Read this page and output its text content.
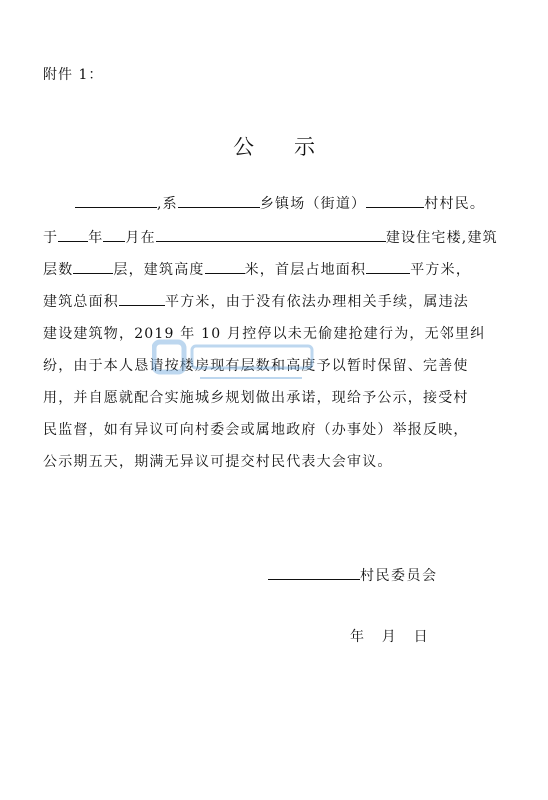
附件 1：
公      示
,系	乡镇场（街道）	村村民。
于 年 月在	建设住宅楼,建筑
层数	层，建筑高度	米，首层占地面积	平方米，
建筑总面积	平方米，由于没有依法办理相关手续，属违法
建设建筑物，2019 年 10 月控停以未无偷建抢建行为，无邻里纠
纷，由于本人恳请按楼房现有层数和高度予以暂时保留、完善使
用，并自愿就配合实施城乡规划做出承诺，现给予公示，接受村
民监督，如有异议可向村委会或属地政府（办事处）举报反映，
公示期五天，期满无异议可提交村民代表大会审议。
村民委员会
年    月    日
